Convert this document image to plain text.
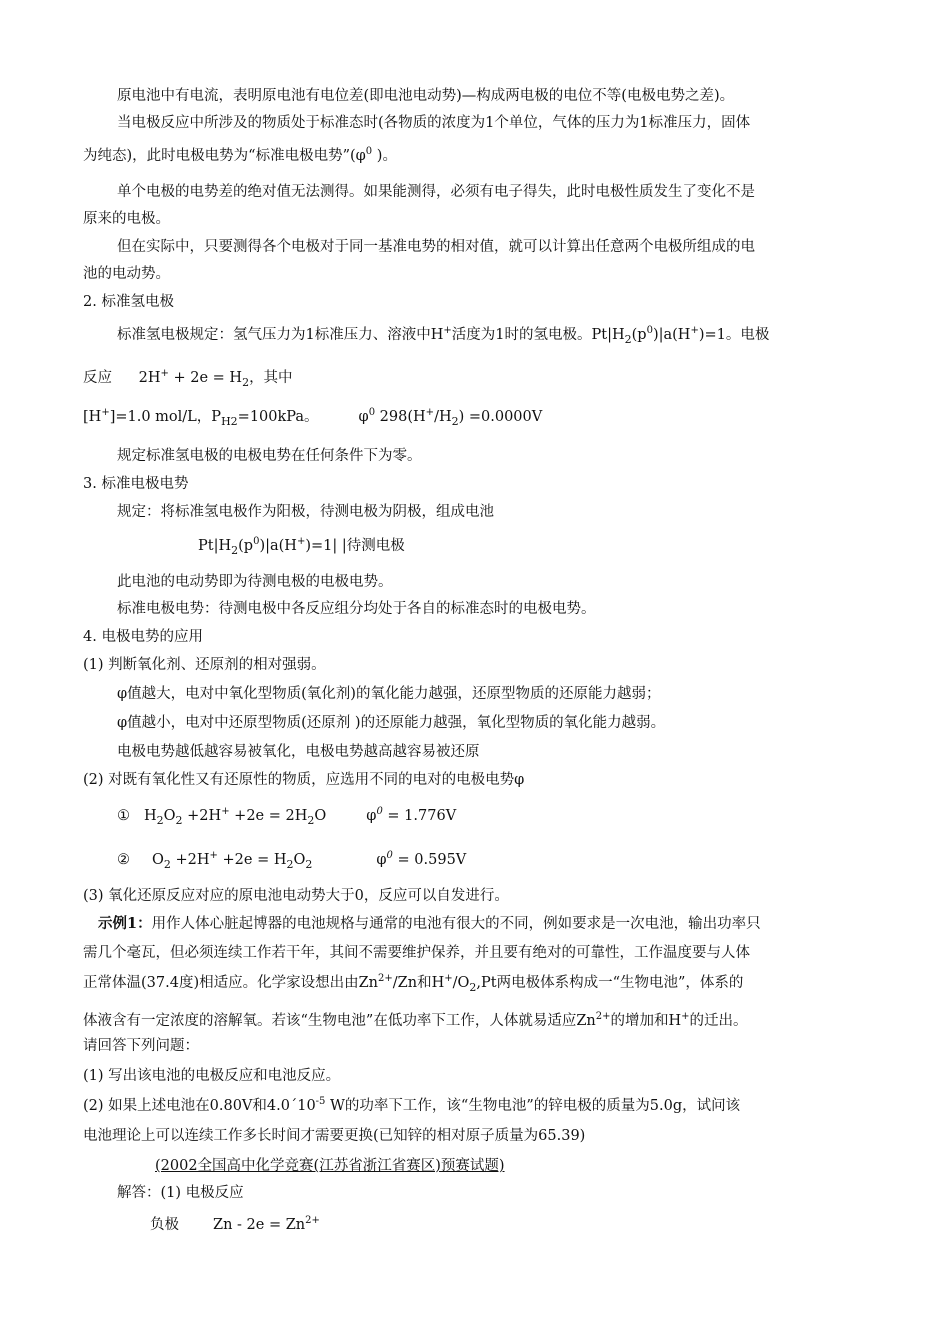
原电池中有电流，表明原电池有电位差(即电池电动势)—构成两电极的电位不等(电极电势之差)。
当电极反应中所涉及的物质处于标准态时(各物质的浓度为1个单位，气体的压力为1标准压力，固体
为纯态)，此时电极电势为“标准电极电势$”(\varphi^0$ )。
单个电极的电势差的绝对值无法测得。如果能测得，必须有电子得失，此时电极性质发生了变化不是
原来的电极。
但在实际中，只要测得各个电极对于同一基准电势的相对值，就可以计算出任意两个电极所组成的电
池的电动势。
2. 标准氢电极
标准氢电极规定：氢气压力为1标准压力、溶液中H+活度为1时的氢电极。$Pt|H_2(p^0)|a(H^+)=1$。电极
反应 $2H^+ + 2e = H_2$，其中
[H+]=1.0 mol/L，$P_{H2}=100kPa$。	$\varphi^0$ $298(H^+/H_2) =0.0000V$
规定标准氢电极的电极电势在任何条件下为零。
3. 标准电极电势
规定：将标准氢电极作为阳极，待测电极为阴极，组成电池
$Pt|H_2(p^0)|a(H^+)=1|$ |待测电极
此电池的电动势即为待测电极的电极电势。
标准电极电势：待测电极中各反应组分均处于各自的标准态时的电极电势。
4. 电极电势的应用
(1) 判断氧化剂、还原剂的相对强弱。
φ值越大，电对中氧化型物质(氧化剂)的氧化能力越强，还原型物质的还原能力越弱；
φ值越小，电对中还原型物质(还原剂 )的还原能力越强，氧化型物质的氧化能力越弱。
电极电势越低越容易被氧化，电极电势越高越容易被还原
(2) 对既有氧化性又有还原性的物质，应选用不同的电对的电极电势φ
① $H_2O_2 +2H^+ +2e = 2H_2O$	$\varphi^0 = 1.776V$
② $O_2 +2H^+ +2e = H_2O_2$	$\varphi^0 = 0.595V$
(3) 氧化还原反应对应的原电池电动势大于0，反应可以自发进行。
示例1：用作人体心脏起博器的电池规格与通常的电池有很大的不同，例如要求是一次电池，输出功率只
需几个毫瓦，但必须连续工作若干年，其间不需要维护保养，并且要有绝对的可靠性，工作温度要与人体
正常体温(37.4度)相适应。化学家设想出由$Zn^{2+}/Zn$和$H^+/O_2,Pt$两电极体系构成一“生物电池”，体系的
体液含有一定浓度的溶解氧。若该“生物电池”在低功率下工作，人体就易适应$Zn^{2+}$的增加和H+的迁出。
请回答下列问题：
(1) 写出该电池的电极反应和电池反应。
(2) 如果上述电池在0.80V和$4.0´10^{-5}$ W的功率下工作，该“生物电池”的锌电极的质量为5.0g，试问该
电池理论上可以连续工作多长时间才需要更换(已知锌的相对原子质量为65.39)
(2002全国高中化学竞赛(江苏省浙江省赛区)预赛试题)
解答：(1) 电极反应
负极 $Zn - 2e = Zn^{2+}$
